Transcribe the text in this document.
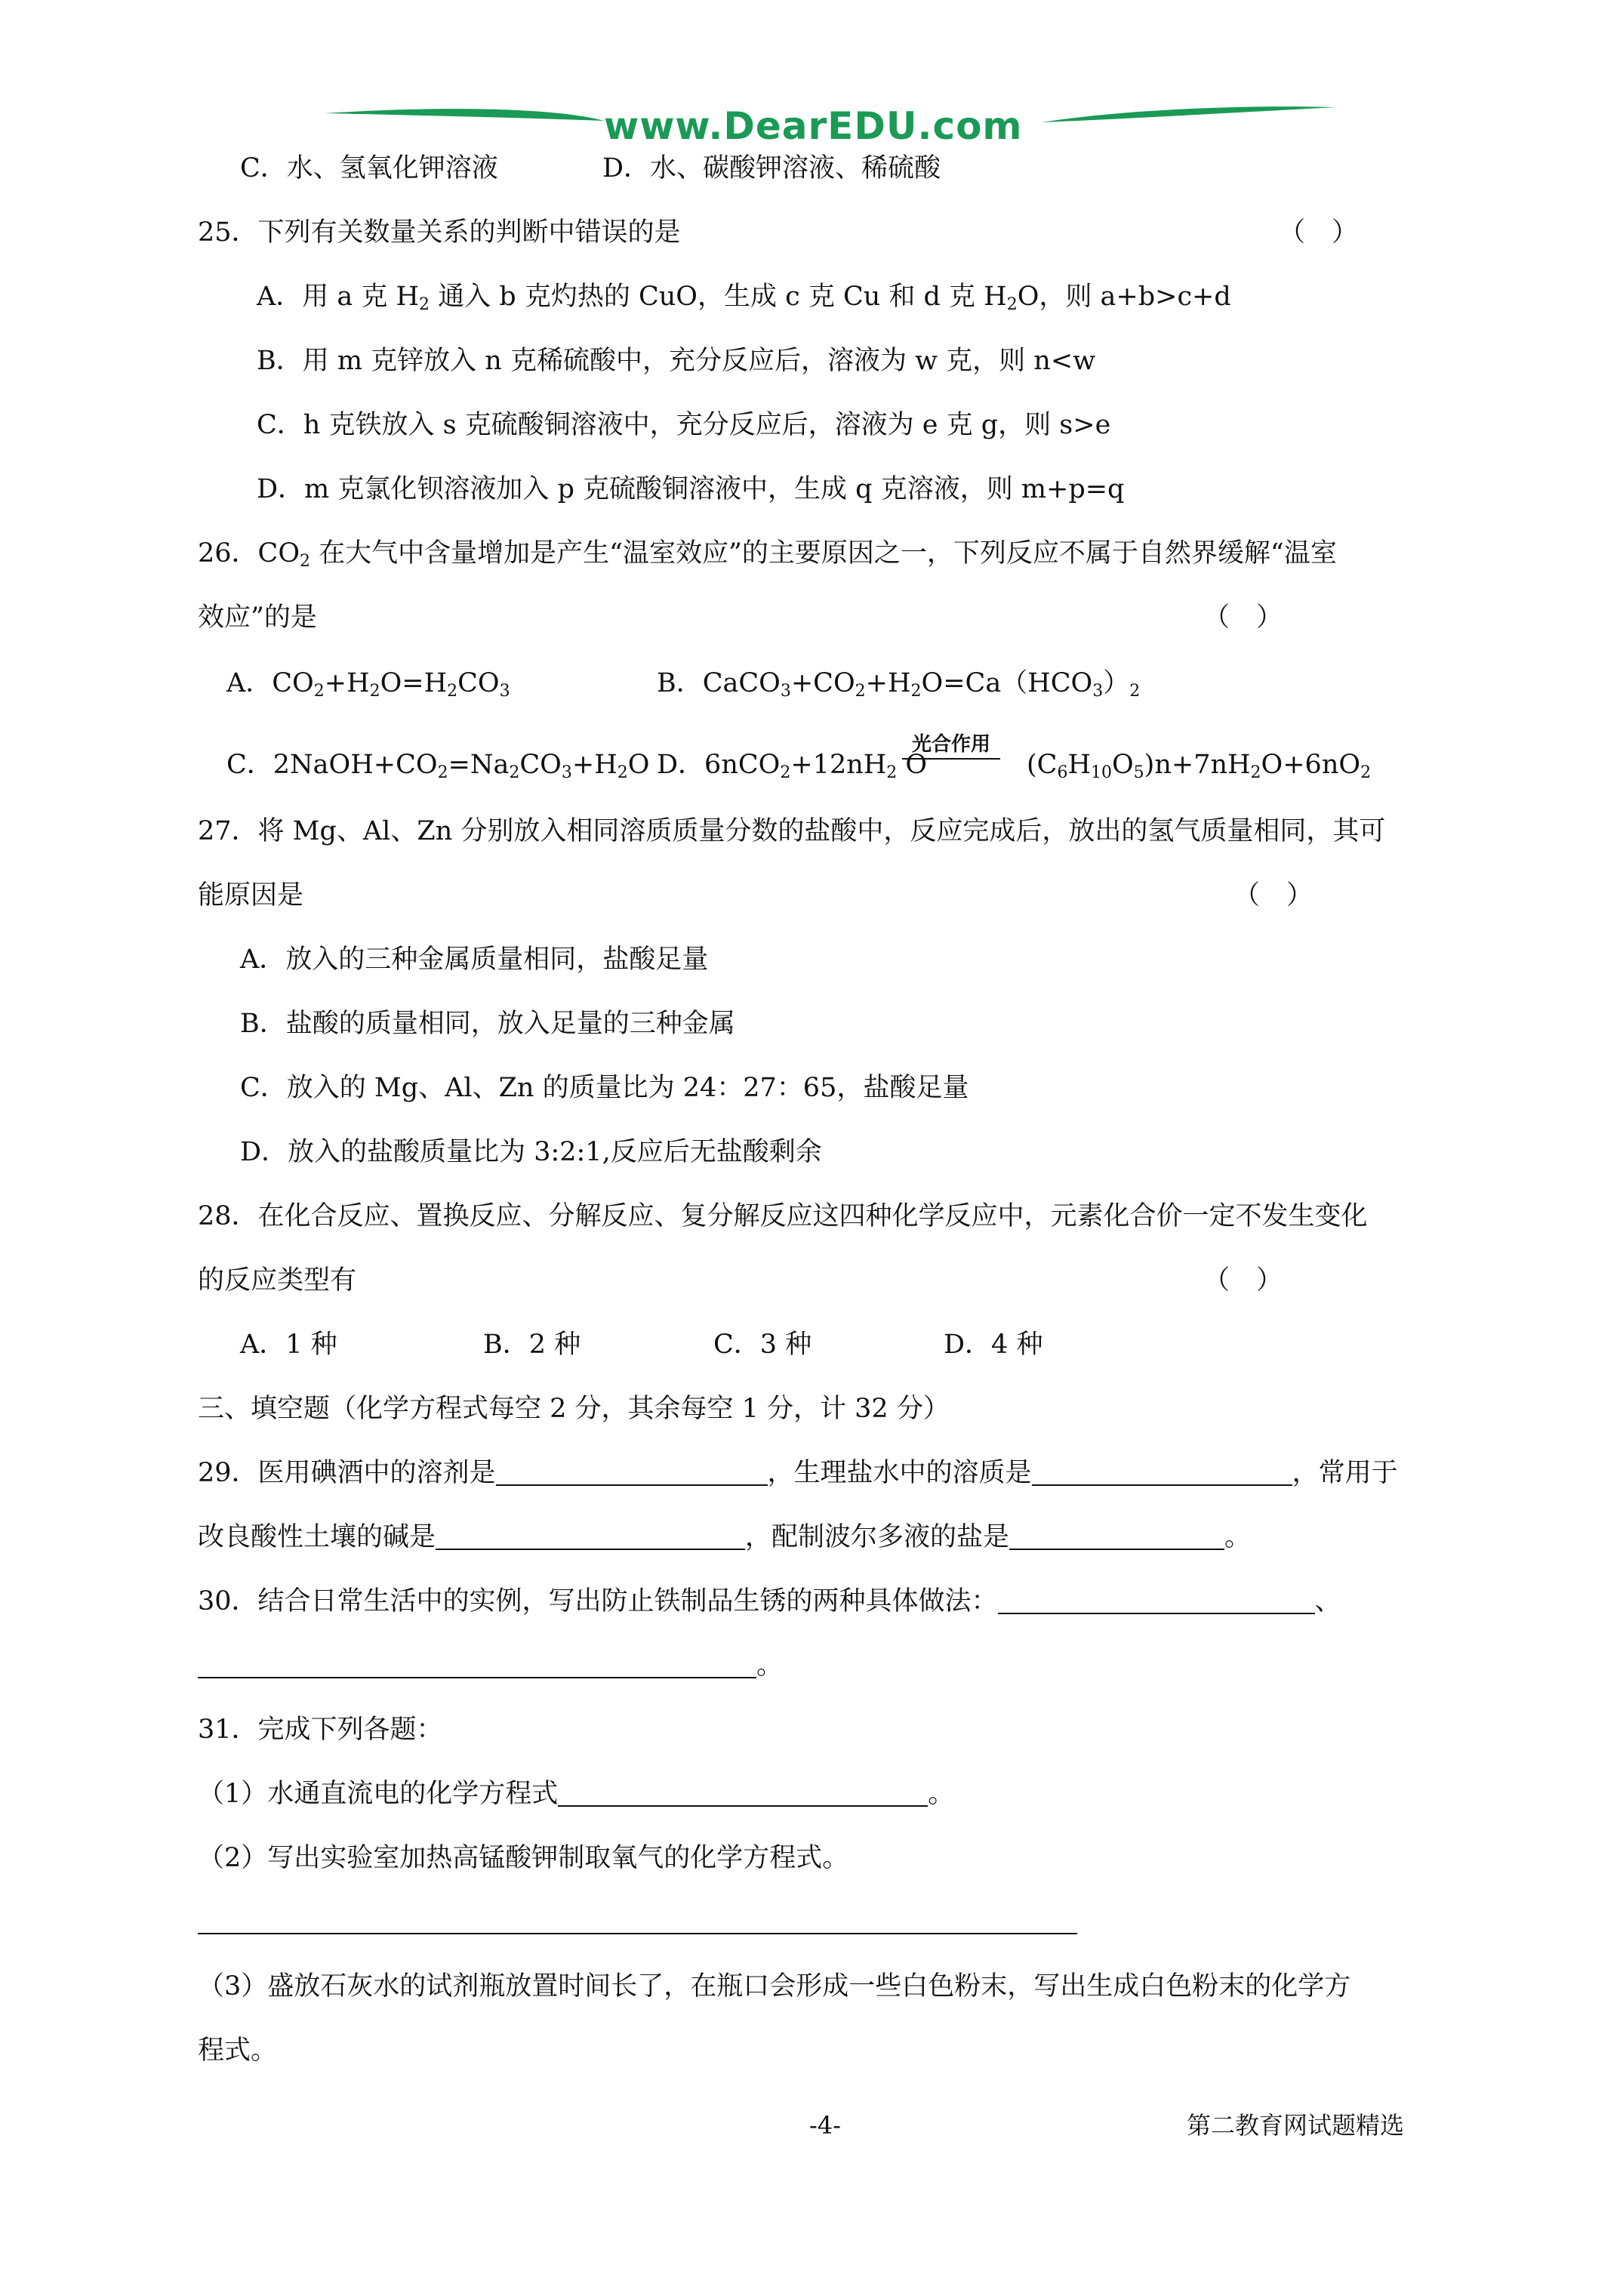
www.DearEDU.com
C．水、氢氧化钾溶液	D．水、碳酸钾溶液、稀硫酸
25．下列有关数量关系的判断中错误的是	（　）
A．用 a 克 $H_2$ 通入 b 克灼热的 CuO，生成 c 克 Cu 和 d 克 $H_2O$，则 a+b>c+d
B．用 m 克锌放入 n 克稀硫酸中，充分反应后，溶液为 w 克，则 n<w
C．h 克铁放入 s 克硫酸铜溶液中，充分反应后，溶液为 e 克 g，则 s>e
D．m 克氯化钡溶液加入 p 克硫酸铜溶液中，生成 q 克溶液，则 m+p=q
26．$CO_2$ 在大气中含量增加是产生“温室效应”的主要原因之一，下列反应不属于自然界缓解“温室
效应”的是	（　）
A．$CO_2+H_2O=H_2CO_3$	B．$CaCO_3+CO_2+H_2O=Ca(HCO_3)_2$
C．$2NaOH+CO_2=Na_2CO_3+H_2O$ D．$6nCO_2+12nH_2$ O
光合作用
$(C_6H_{10}O_5)n+7nH_2O+6nO_2$
27．将 Mg、Al、Zn 分别放入相同溶质质量分数的盐酸中，反应完成后，放出的氢气质量相同，其可
能原因是	（　）
A．放入的三种金属质量相同，盐酸足量
B．盐酸的质量相同，放入足量的三种金属
C．放入的 Mg、Al、Zn 的质量比为 24：27：65，盐酸足量
D．放入的盐酸质量比为 3:2:1,反应后无盐酸剩余
28．在化合反应、置换反应、分解反应、复分解反应这四种化学反应中，元素化合价一定不发生变化
的反应类型有	（　）
A．1 种	B．2 种	C．3 种	D．4 种
三、填空题（化学方程式每空 2 分，其余每空 1 分，计 32 分）
29．医用碘酒中的溶剂是	，生理盐水中的溶质是	，常用于
改良酸性土壤的碱是	，配制波尔多液的盐是	。
30．结合日常生活中的实例，写出防止铁制品生锈的两种具体做法：	、
。
31．完成下列各题：
（1）水通直流电的化学方程式	。
（2）写出实验室加热高锰酸钾制取氧气的化学方程式。
（3）盛放石灰水的试剂瓶放置时间长了，在瓶口会形成一些白色粉末，写出生成白色粉末的化学方
程式。
-4-	第二教育网试题精选
